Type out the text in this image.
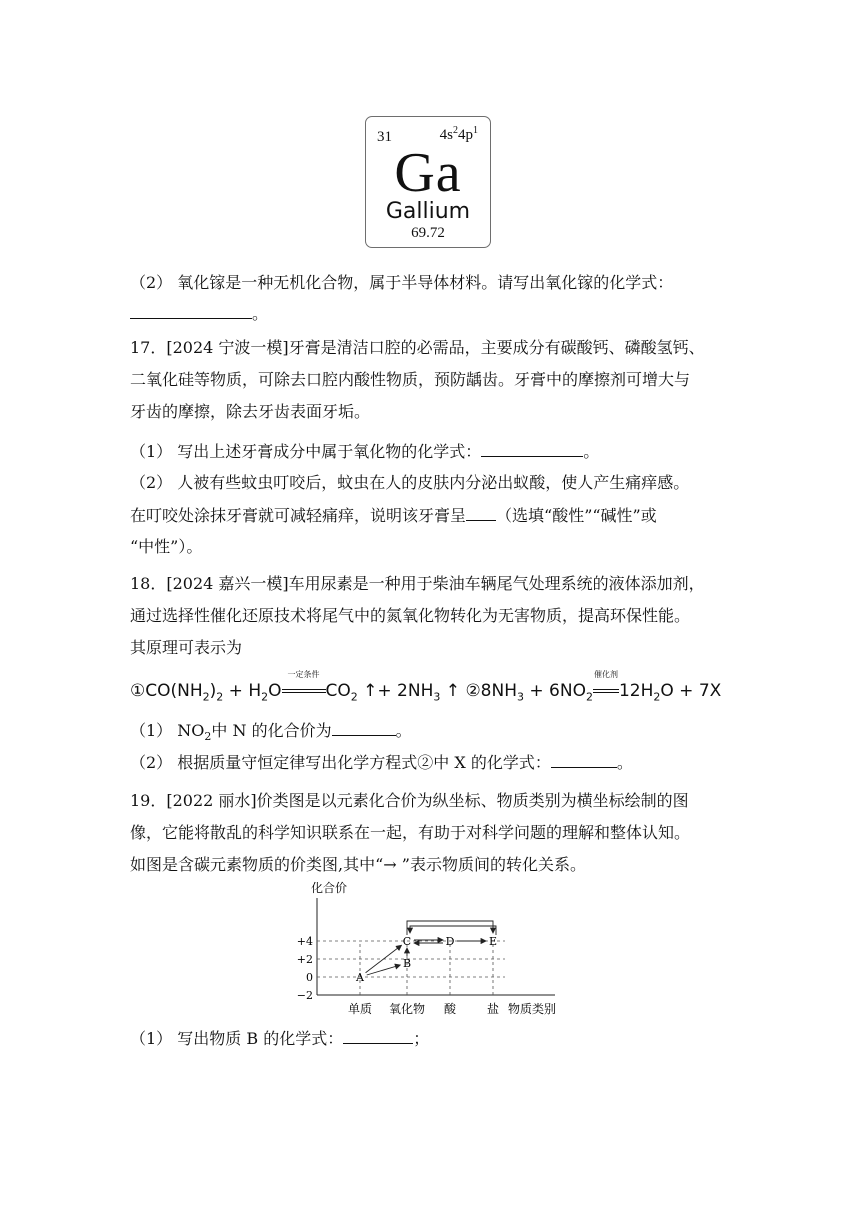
31	$4s^24p^1$
Ga
Gallium
69.72
（2） 氧化镓是一种无机化合物，属于半导体材料。请写出氧化镓的化学式：
。
17．[2024 宁波一模]牙膏是清洁口腔的必需品，主要成分有碳酸钙、磷酸氢钙、
二氧化硅等物质，可除去口腔内酸性物质，预防龋齿。牙膏中的摩擦剂可增大与
牙齿的摩擦，除去牙齿表面牙垢。
（1） 写出上述牙膏成分中属于氧化物的化学式：	。
（2） 人被有些蚊虫叮咬后，蚊虫在人的皮肤内分泌出蚁酸，使人产生痛痒感。
在叮咬处涂抹牙膏就可减轻痛痒，说明该牙膏呈 （选填“酸性”“碱性”或
“中性”）。
18．[2024 嘉兴一模]车用尿素是一种用于柴油车辆尾气处理系统的液体添加剂，
通过选择性催化还原技术将尾气中的氮氧化物转化为无害物质，提高环保性能。
其原理可表示为
$①CO(NH_2)_2 + H_2O$
一定条件
$CO_2$ ↑+ $2NH_3$ ↑ $②8NH_3 + 6NO_2$
催化剂
$12H_2O + 7X$
（1） $NO_2$中 N 的化合价为	。
（2） 根据质量守恒定律写出化学方程式②中 X 的化学式：	。
19．[2022 丽水]价类图是以元素化合价为纵坐标、物质类别为横坐标绘制的图
像，它能将散乱的科学知识联系在一起，有助于对科学问题的理解和整体认知。
如图是含碳元素物质的价类图,其中“→ ”表示物质间的转化关系。
化合价
物质类别
+4
+2
0
−2
单质 氧化物 酸	盐
A
B
C	D	E
（1） 写出物质 B 的化学式：	；
